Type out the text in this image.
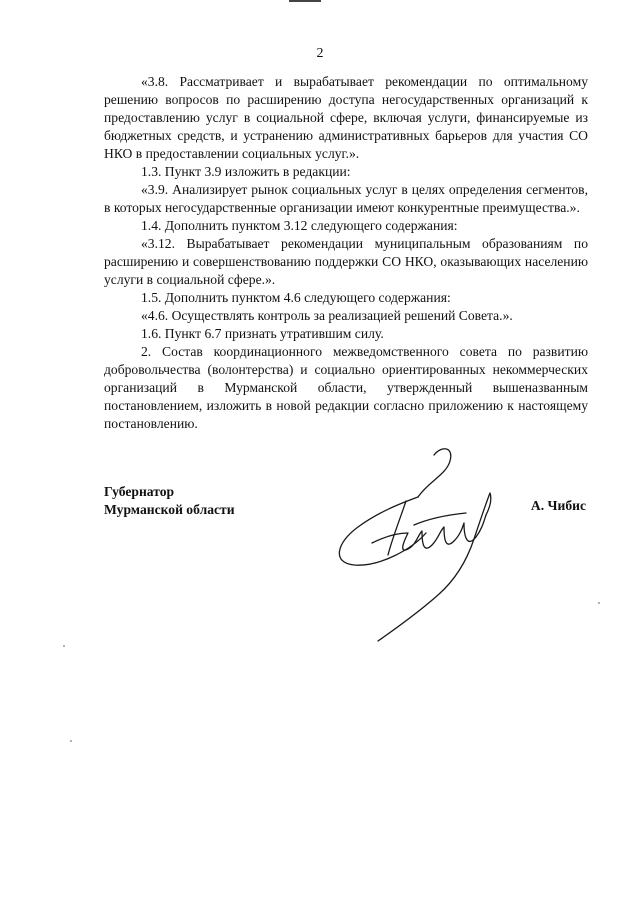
2

«3.8. Рассматривает и вырабатывает рекомендации по оптимальному решению вопросов по расширению доступа негосударственных организаций к предоставлению услуг в социальной сфере, включая услуги, финансируемые из бюджетных средств, и устранению административных барьеров для участия СО НКО в предоставлении социальных услуг.».

1.3. Пункт 3.9 изложить в редакции:

«3.9. Анализирует рынок социальных услуг в целях определения сегментов, в которых негосударственные организации имеют конкурентные преимущества.».

1.4. Дополнить пунктом 3.12 следующего содержания:

«3.12. Вырабатывает рекомендации муниципальным образованиям по расширению и совершенствованию поддержки СО НКО, оказывающих населению услуги в социальной сфере.».

1.5. Дополнить пунктом 4.6 следующего содержания:

«4.6. Осуществлять контроль за реализацией решений Совета.».

1.6. Пункт 6.7 признать утратившим силу.

2. Состав координационного межведомственного совета по развитию добровольчества (волонтерства) и социально ориентированных некоммерческих организаций в Мурманской области, утвержденный вышеназванным постановлением, изложить в новой редакции согласно приложению к настоящему постановлению.

Губернатор
Мурманской области	А. Чибис
